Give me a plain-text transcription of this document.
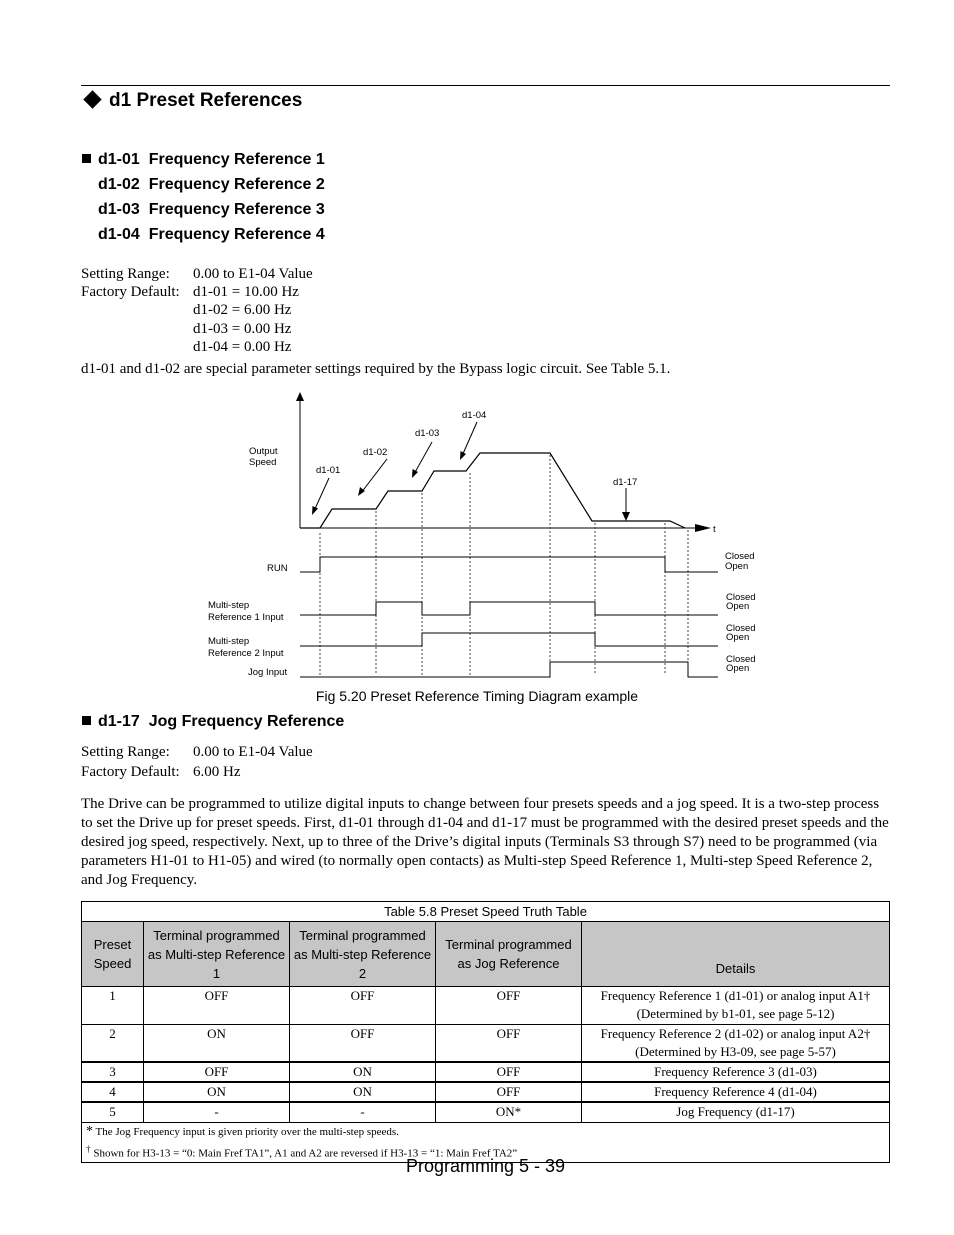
d1 Preset References
d1-01 Frequency Reference 1
d1-02 Frequency Reference 2
d1-03 Frequency Reference 3
d1-04 Frequency Reference 4
Setting Range: 0.00 to E1-04 Value
Factory Default: d1-01 = 10.00 Hz
d1-02 = 6.00 Hz
d1-03 = 0.00 Hz
d1-04 = 0.00 Hz
d1-01 and d1-02 are special parameter settings required by the Bypass logic circuit. See Table 5.1.
Output
Speed
t
d1-01
d1-02
d1-03
d1-04
d1-17
RUN
Multi-step
Reference 1 Input
Multi-step
Reference 2 Input
Jog Input
Closed
Open
Closed
Open
Closed
Open
Closed
Open
Fig 5.20 Preset Reference Timing Diagram example
d1-17 Jog Frequency Reference
Setting Range: 0.00 to E1-04 Value
Factory Default: 6.00 Hz
The Drive can be programmed to utilize digital inputs to change between four presets speeds and a jog speed. It is a two-step process to set the Drive up for preset speeds. First, d1-01 through d1-04 and d1-17 must be programmed with the desired preset speeds and the desired jog speed, respectively. Next, up to three of the Drive’s digital inputs (Terminals S3 through S7) need to be programmed (via parameters H1-01 to H1-05) and wired (to normally open contacts) as Multi-step Speed Reference 1, Multi-step Speed Reference 2, and Jog Frequency.
Table 5.8 Preset Speed Truth Table				
Preset Speed	Terminal programmed as Multi-step Reference 1	Terminal programmed as Multi-step Reference 2	Terminal programmed as Jog Reference	Details
1	OFF	OFF	OFF	Frequency Reference 1 (d1-01) or analog input A1†
(Determined by b1-01, see page 5-12)

2	ON	OFF	OFF	Frequency Reference 2 (d1-02) or analog input A2†
(Determined by H3-09, see page 5-57)

3	OFF	ON	OFF	Frequency Reference 3 (d1-03)
4	ON	ON	OFF	Frequency Reference 4 (d1-04)
5	-	-	ON*	Jog Frequency (d1-17)

* The Jog Frequency input is given priority over the multi-step speeds.
† Shown for H3-13 = “0: Main Fref TA1”, A1 and A2 are reversed if H3-13 = “1: Main Fref TA2”				
Programming 5 - 39
